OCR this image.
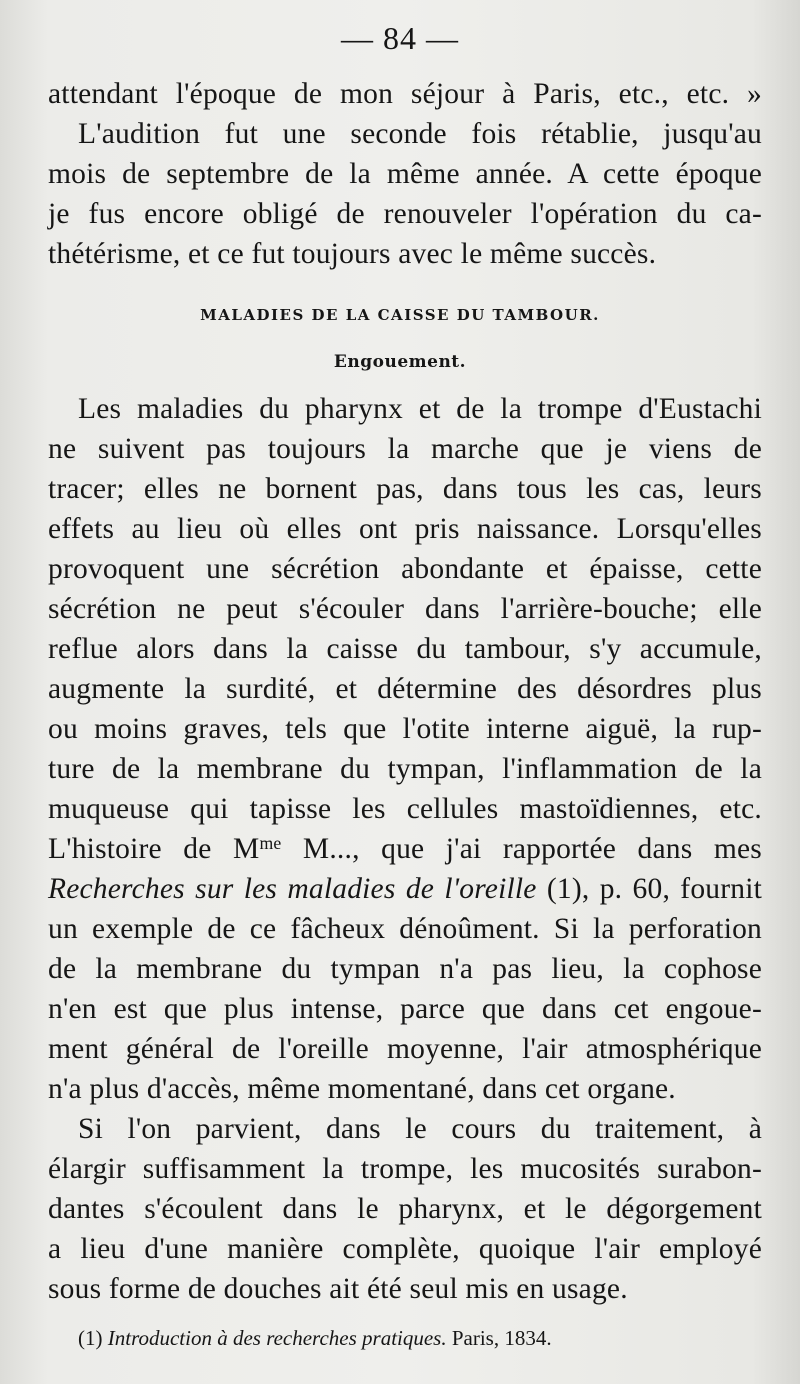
— 84 —
attendant l'époque de mon séjour à Paris, etc., etc. »
L'audition fut une seconde fois rétablie, jusqu'au
mois de septembre de la même année. A cette époque
je fus encore obligé de renouveler l'opération du ca-
thétérisme, et ce fut toujours avec le même succès.
MALADIES DE LA CAISSE DU TAMBOUR.
Engouement.
Les maladies du pharynx et de la trompe d'Eustachi
ne suivent pas toujours la marche que je viens de
tracer; elles ne bornent pas, dans tous les cas, leurs
effets au lieu où elles ont pris naissance. Lorsqu'elles
provoquent une sécrétion abondante et épaisse, cette
sécrétion ne peut s'écouler dans l'arrière-bouche; elle
reflue alors dans la caisse du tambour, s'y accumule,
augmente la surdité, et détermine des désordres plus
ou moins graves, tels que l'otite interne aiguë, la rup-
ture de la membrane du tympan, l'inflammation de la
muqueuse qui tapisse les cellules mastoïdiennes, etc.
L'histoire de $M^{me}$ M..., que j'ai rapportée dans mes
Recherches sur les maladies de l'oreille (1), p. 60, fournit
un exemple de ce fâcheux dénoûment. Si la perforation
de la membrane du tympan n'a pas lieu, la cophose
n'en est que plus intense, parce que dans cet engoue-
ment général de l'oreille moyenne, l'air atmosphérique
n'a plus d'accès, même momentané, dans cet organe.
Si l'on parvient, dans le cours du traitement, à
élargir suffisamment la trompe, les mucosités surabon-
dantes s'écoulent dans le pharynx, et le dégorgement
a lieu d'une manière complète, quoique l'air employé
sous forme de douches ait été seul mis en usage.
(1) Introduction à des recherches pratiques. Paris, 1834.
